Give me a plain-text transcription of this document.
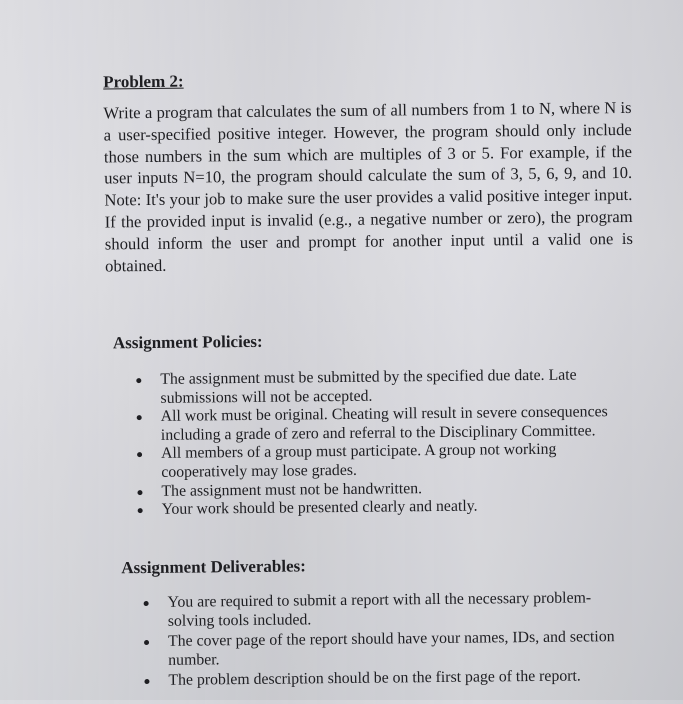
Problem 2:

Write a program that calculates the sum of all numbers from 1 to N, where N is a user-specified positive integer. However, the program should only include those numbers in the sum which are multiples of 3 or 5. For example, if the user inputs N=10, the program should calculate the sum of 3, 5, 6, 9, and 10. Note: It's your job to make sure the user provides a valid positive integer input. If the provided input is invalid (e.g., a negative number or zero), the program should inform the user and prompt for another input until a valid one is obtained.

Assignment Policies:
The assignment must be submitted by the specified due date. Late submissions will not be accepted.
All work must be original. Cheating will result in severe consequences including a grade of zero and referral to the Disciplinary Committee.
All members of a group must participate. A group not working cooperatively may lose grades.
The assignment must not be handwritten.
Your work should be presented clearly and neatly.
Assignment Deliverables:
You are required to submit a report with all the necessary problem-solving tools included.
The cover page of the report should have your names, IDs, and section number.
The problem description should be on the first page of the report.
